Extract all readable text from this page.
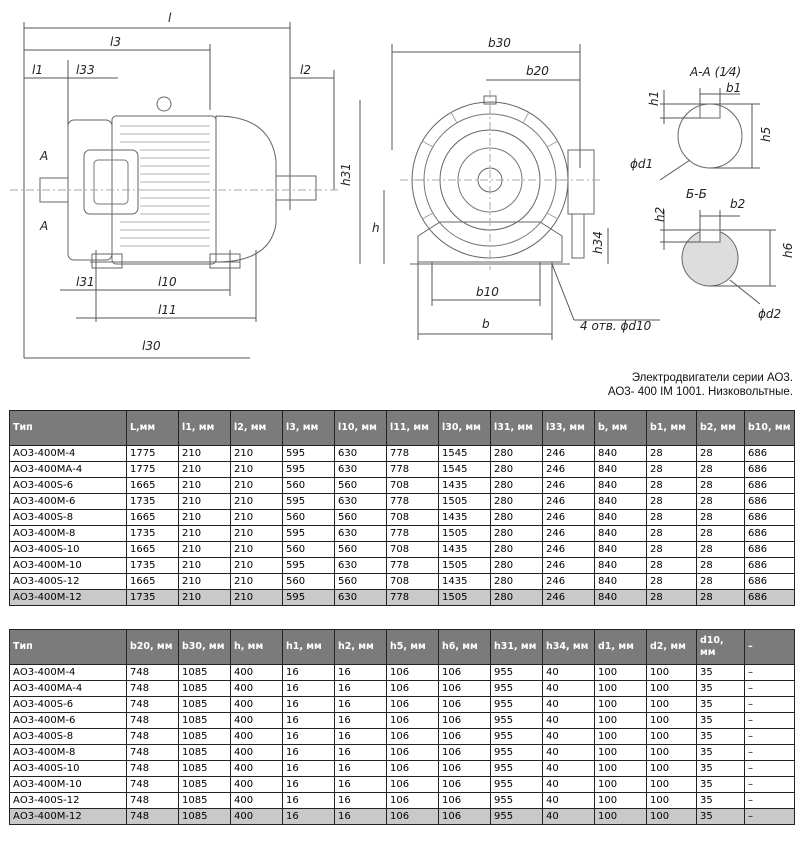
l
l3
l1	l33	l2
A
A
l31	l10
l11
l30
b30
b20
h31
h
h34
b10
b	4 отв. ϕd10
А-А (1⁄4)
h1
b1
h5
ϕd1
Б-Б
h2
b2
h6
ϕd2
Электродвигатели серии АО3.
АО3- 400 IM 1001. Низковольтные.
Тип	L,мм	l1, мм	l2, мм	l3, мм	l10, мм	l11, мм	l30, мм	l31, мм	l33, мм	b, мм	b1, мм	b2, мм	b10, мм
АО3-400М-4	1775	210	210	595	630	778	1545	280	246	840	28	28	686
АО3-400МА-4	1775	210	210	595	630	778	1545	280	246	840	28	28	686
АО3-400S-6	1665	210	210	560	560	708	1435	280	246	840	28	28	686
АО3-400М-6	1735	210	210	595	630	778	1505	280	246	840	28	28	686
АО3-400S-8	1665	210	210	560	560	708	1435	280	246	840	28	28	686
АО3-400М-8	1735	210	210	595	630	778	1505	280	246	840	28	28	686
АО3-400S-10	1665	210	210	560	560	708	1435	280	246	840	28	28	686
АО3-400М-10	1735	210	210	595	630	778	1505	280	246	840	28	28	686
АО3-400S-12	1665	210	210	560	560	708	1435	280	246	840	28	28	686
АО3-400М-12	1735	210	210	595	630	778	1505	280	246	840	28	28	686
Тип	b20, мм	b30, мм	h, мм	h1, мм	h2, мм	h5, мм	h6, мм	h31, мм	h34, мм	d1, мм	d2, мм	d10, мм	–
АО3-400М-4	748	1085	400	16	16	106	106	955	40	100	100	35	–
АО3-400МА-4	748	1085	400	16	16	106	106	955	40	100	100	35	–
АО3-400S-6	748	1085	400	16	16	106	106	955	40	100	100	35	–
АО3-400М-6	748	1085	400	16	16	106	106	955	40	100	100	35	–
АО3-400S-8	748	1085	400	16	16	106	106	955	40	100	100	35	–
АО3-400М-8	748	1085	400	16	16	106	106	955	40	100	100	35	–
АО3-400S-10	748	1085	400	16	16	106	106	955	40	100	100	35	–
АО3-400М-10	748	1085	400	16	16	106	106	955	40	100	100	35	–
АО3-400S-12	748	1085	400	16	16	106	106	955	40	100	100	35	–
АО3-400М-12	748	1085	400	16	16	106	106	955	40	100	100	35	–
